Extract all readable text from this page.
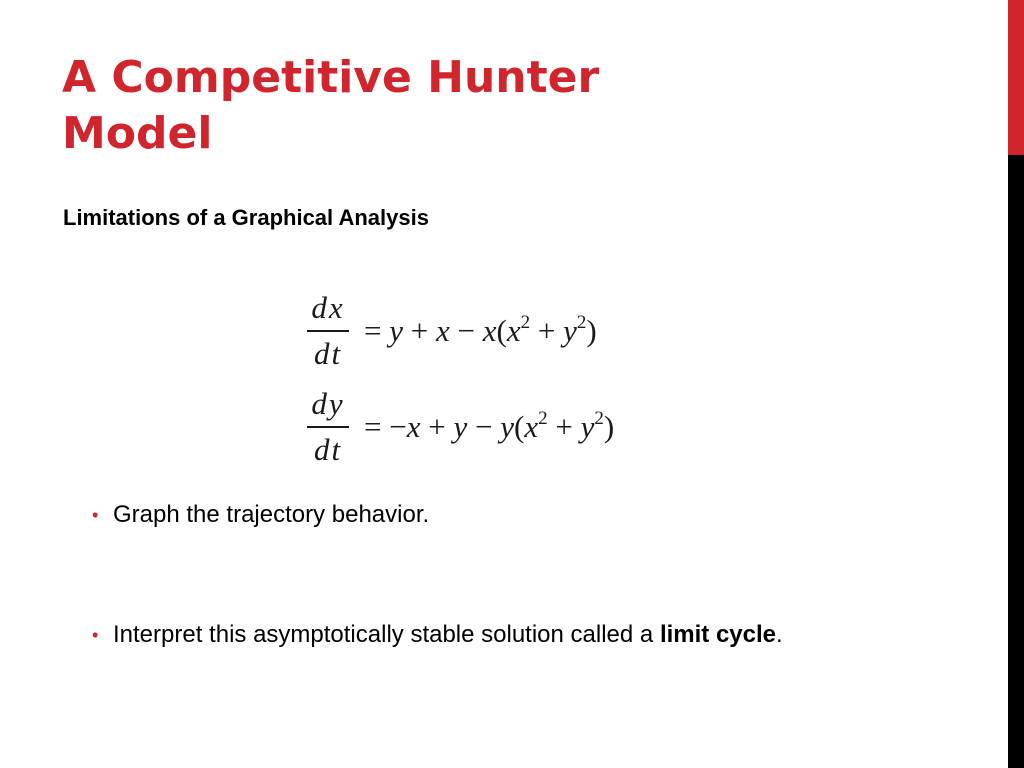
A Competitive Hunter
Model

Limitations of a Graphical Analysis

$\frac{dx}{dt} = y + x - x(x^2 + y^2)$
$\frac{dy}{dt} = -x + y - y(x^2 + y^2)$
• Graph the trajectory behavior.
• Interpret this asymptotically stable solution called a limit cycle.
